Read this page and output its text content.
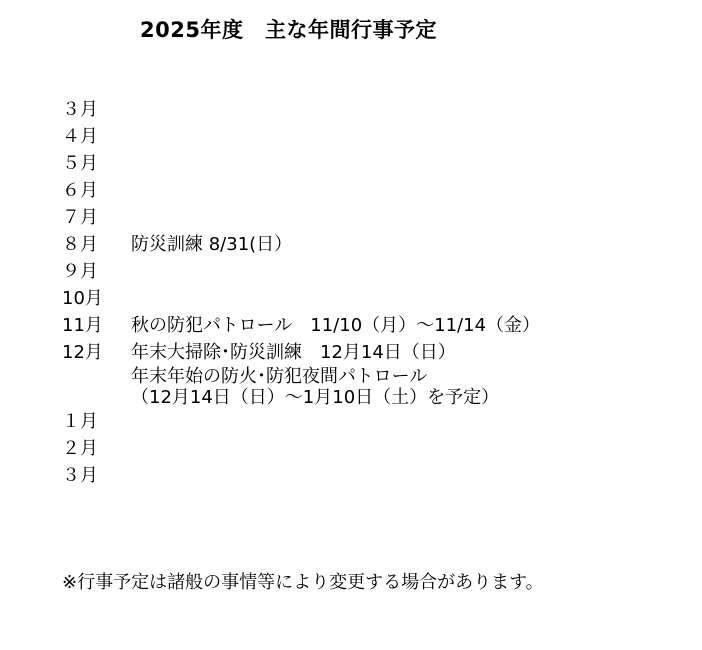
2025年度　主な年間行事予定
３月
４月
５月
６月
７月
８月	防災訓練 8/31(日）
９月
10月
11月	秋の防犯パトロール　11/10（月）～11/14（金）
12月	年末大掃除･防災訓練　12月14日（日）
年末年始の防火･防犯夜間パトロール
（12月14日（日）～1月10日（土）を予定）
１月
２月
３月
※行事予定は諸般の事情等により変更する場合があります。
